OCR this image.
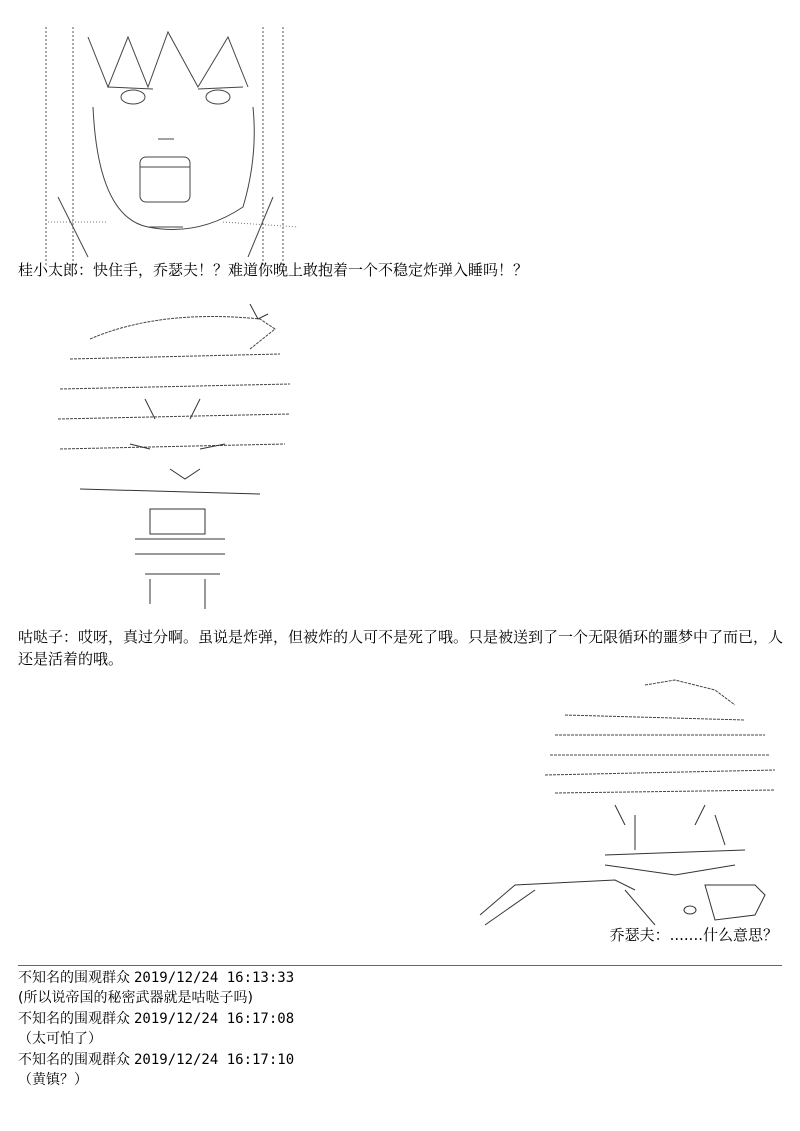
桂小太郎：快住手，乔瑟夫！？难道你晚上敢抱着一个不稳定炸弹入睡吗！？

咕哒子：哎呀，真过分啊。虽说是炸弹，但被炸的人可不是死了哦。只是被送到了一个无限循环的噩梦中了而已，人还是活着的哦。

乔瑟夫：.......什么意思？
不知名的围观群众 2019/12/24 16:13:33
(所以说帝国的秘密武器就是咕哒子吗)
不知名的围观群众 2019/12/24 16:17:08
（太可怕了）
不知名的围观群众 2019/12/24 16:17:10
（黄镇？）
